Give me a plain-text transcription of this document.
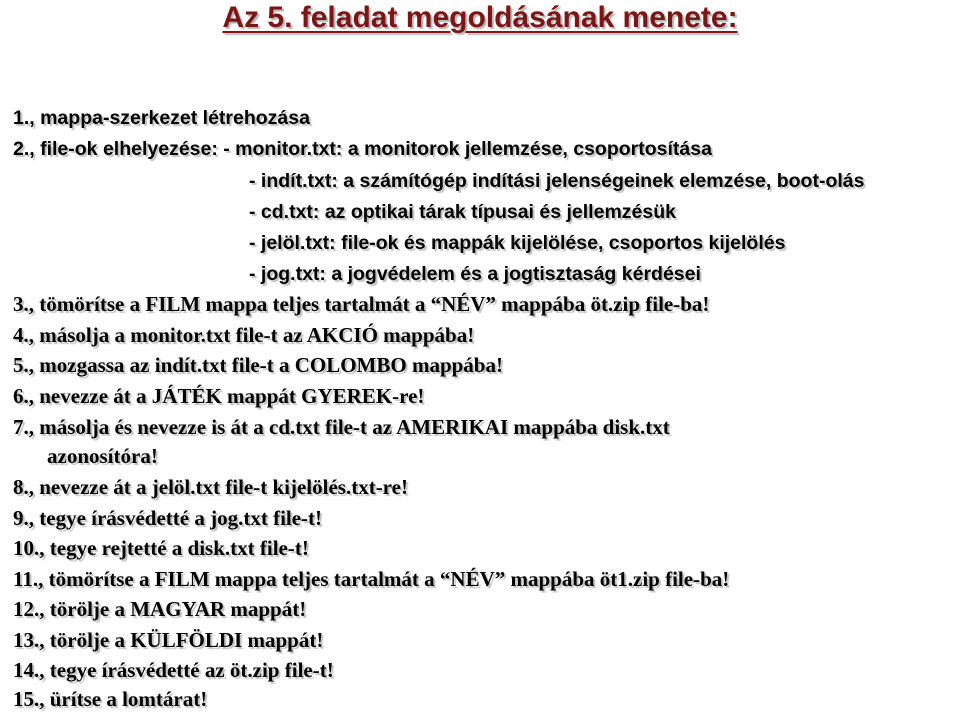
Az 5. feladat megoldásának menete:
1., mappa-szerkezet létrehozása
2., file-ok elhelyezése: - monitor.txt: a monitorok jellemzése, csoportosítása
- indít.txt: a számítógép indítási jelenségeinek elemzése, boot-olás
- cd.txt: az optikai tárak típusai és jellemzésük
- jelöl.txt: file-ok és mappák kijelölése, csoportos kijelölés
- jog.txt: a jogvédelem és a jogtisztaság kérdései
3., tömörítse a FILM mappa teljes tartalmát a “NÉV” mappába öt.zip file-ba!
4., másolja a monitor.txt file-t az AKCIÓ mappába!
5., mozgassa az indít.txt file-t a COLOMBO mappába!
6., nevezze át a JÁTÉK mappát GYEREK-re!
7., másolja és nevezze is át a cd.txt file-t az AMERIKAI mappába disk.txt
azonosítóra!
8., nevezze át a jelöl.txt file-t kijelölés.txt-re!
9., tegye írásvédetté a jog.txt file-t!
10., tegye rejtetté a disk.txt file-t!
11., tömörítse a FILM mappa teljes tartalmát a “NÉV” mappába öt1.zip file-ba!
12., törölje a MAGYAR mappát!
13., törölje a KÜLFÖLDI mappát!
14., tegye írásvédetté az öt.zip file-t!
15., ürítse a lomtárat!
